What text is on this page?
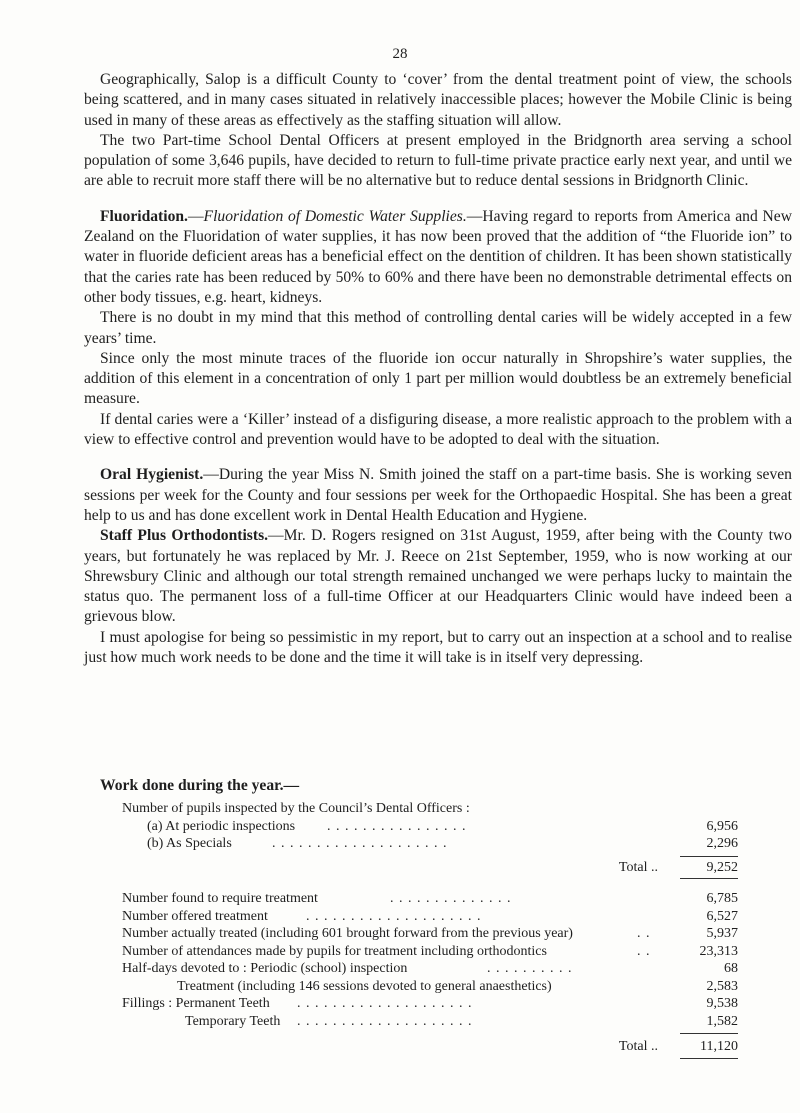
28

Geographically, Salop is a difficult County to ‘cover’ from the dental treatment point of view, the schools being scattered, and in many cases situated in relatively inaccessible places; however the Mobile Clinic is being used in many of these areas as effectively as the staffing situation will allow.

The two Part-time School Dental Officers at present employed in the Bridgnorth area serving a school population of some 3,646 pupils, have decided to return to full-time private practice early next year, and until we are able to recruit more staff there will be no alternative but to reduce dental sessions in Bridgnorth Clinic.

Fluoridation.—Fluoridation of Domestic Water Supplies.—Having regard to reports from America and New Zealand on the Fluoridation of water supplies, it has now been proved that the addition of “the Fluoride ion” to water in fluoride deficient areas has a beneficial effect on the dentition of children. It has been shown statistically that the caries rate has been reduced by 50% to 60% and there have been no demonstrable detrimental effects on other body tissues, e.g. heart, kidneys.

There is no doubt in my mind that this method of controlling dental caries will be widely accepted in a few years’ time.

Since only the most minute traces of the fluoride ion occur naturally in Shropshire’s water supplies, the addition of this element in a concentration of only 1 part per million would doubtless be an extremely beneficial measure.

If dental caries were a ‘Killer’ instead of a disfiguring disease, a more realistic approach to the problem with a view to effective control and prevention would have to be adopted to deal with the situation.

Oral Hygienist.—During the year Miss N. Smith joined the staff on a part-time basis. She is working seven sessions per week for the County and four sessions per week for the Orthopaedic Hospital. She has been a great help to us and has done excellent work in Dental Health Education and Hygiene.

Staff Plus Orthodontists.—Mr. D. Rogers resigned on 31st August, 1959, after being with the County two years, but fortunately he was replaced by Mr. J. Reece on 21st September, 1959, who is now working at our Shrewsbury Clinic and although our total strength remained unchanged we were perhaps lucky to maintain the status quo. The permanent loss of a full-time Officer at our Headquarters Clinic would have indeed been a grievous blow.

I must apologise for being so pessimistic in my report, but to carry out an inspection at a school and to realise just how much work needs to be done and the time it will take is in itself very depressing.

Work done during the year.—
Number of pupils inspected by the Council’s Dental Officers :
(a) At periodic inspections . . . . . . . . . . . . . . . .	6,956
(b) As Specials	. . . . . . . . . . . . . . . . . . . .	2,296
Total ..	9,252
Number found to require treatment	. . . . . . . . . . . . . .	6,785
Number offered treatment	. . . . . . . . . . . . . . . . . . . .	6,527
Number actually treated (including 601 brought forward from the previous year)	. .	5,937
Number of attendances made by pupils for treatment including orthodontics	. .	23,313
Half-days devoted to : Periodic (school) inspection	. . . . . . . . . .	68
Treatment (including 146 sessions devoted to general anaesthetics)	2,583
Fillings : Permanent Teeth . . . . . . . . . . . . . . . . . . . .	9,538
Temporary Teeth . . . . . . . . . . . . . . . . . . . .	1,582
Total ..	11,120
